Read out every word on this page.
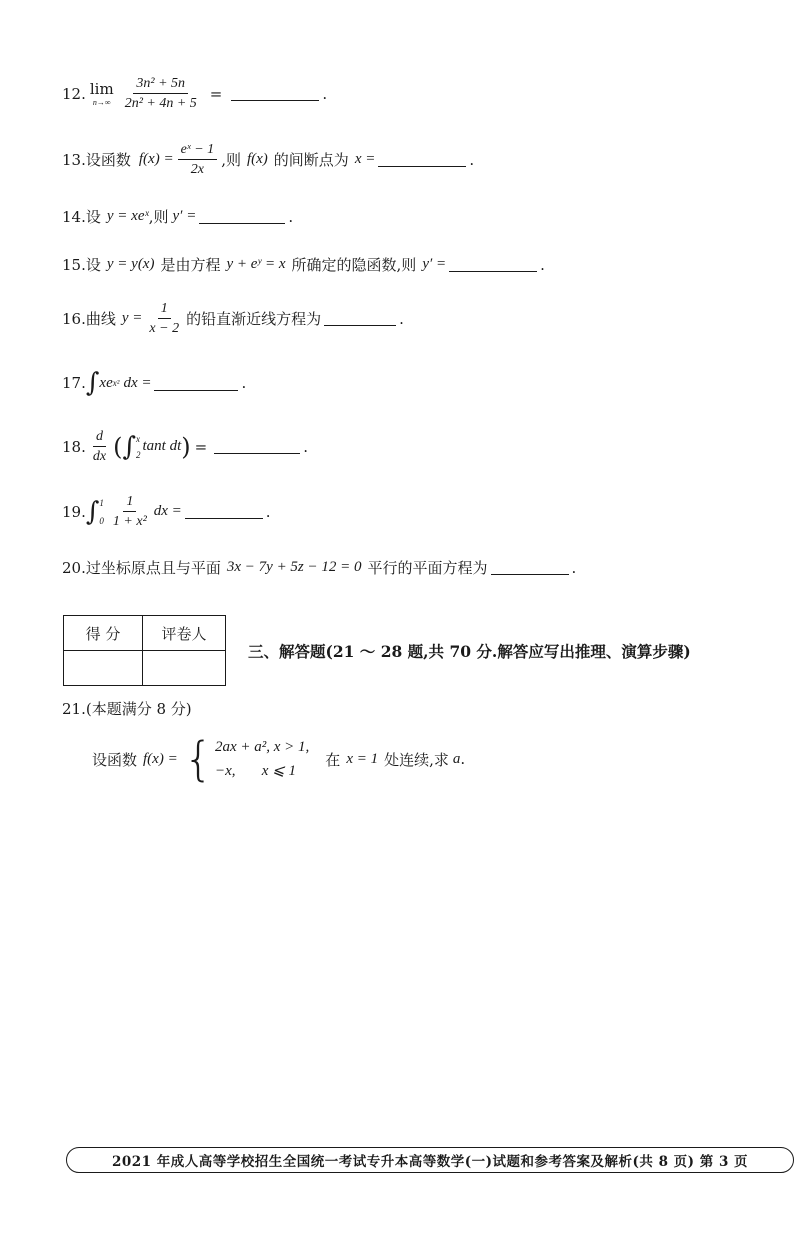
12. lim
$n\to\infty \frac{\text{3n² + 5n}}{\text{2n² + 4n + 5}}$ =	.
13. 设函数 $f(x) = \frac{\text{eˣ − 1}}{2x}$ ,则 f(x) 的间断点为 x =	.
14. 设 y = xeˣ ,则 y′ =	.
15. 设 y = y(x) 是由方程 y + eʸ = x 所确定的隐函数,则 y′ =	.
16. 曲线 $y = \frac{1}{x - 2}$ 的铅直渐近线方程为	.
17. ∫ xe x² dx =	.
18. $\frac{d}{dx}$ ( ∫ x
2
tant dt ) =	.
19. ∫ 1
$0 \frac{1}{\text{1 + x²}}$ dx =	.
20. 过坐标原点且与平面 3x − 7y + 5z − 12 = 0 平行的平面方程为	.
得 分	评卷人

三、解答题(21 ～ 28 题,共 70 分.解答应写出推理、演算步骤)
21. (本题满分 8 分)
设函数 f(x) = { 2ax + a², x > 1,
−x,       x ⩽ 1
在 x = 1 处连续,求 a .
2021 年成人高等学校招生全国统一考试专升本高等数学(一)试题和参考答案及解析(共 8 页) 第 3 页
